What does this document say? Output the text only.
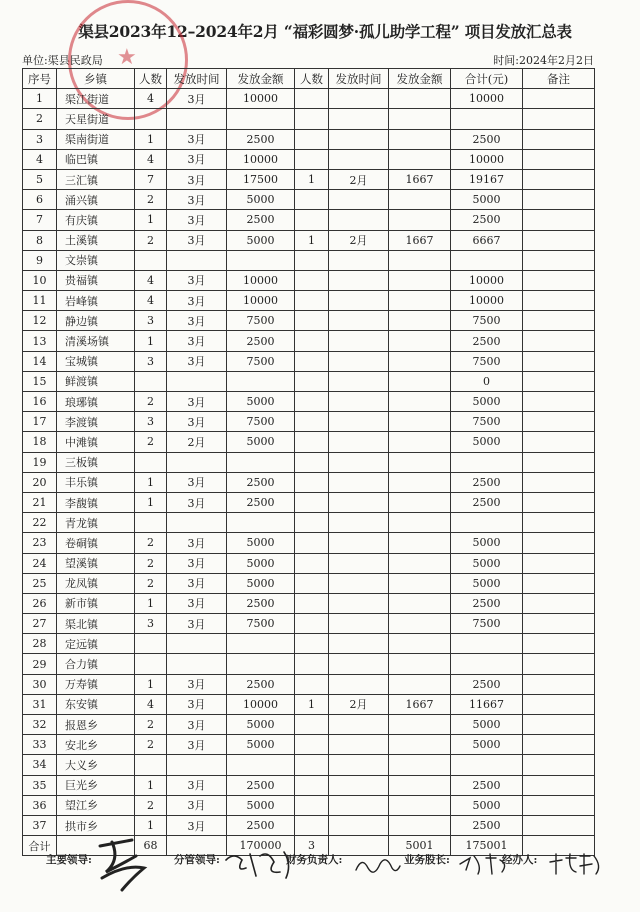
渠县2023年12–2024年2月 “福彩圆梦·孤儿助学工程” 项目发放汇总表
单位:渠县民政局	时间:2024年2月2日
★
序号	乡镇	人数	发放时间	发放金额	人数	发放时间	发放金额	合计(元)	备注
1	渠江街道	4	3月	10000				10000	
2	天星街道								
3	渠南街道	1	3月	2500				2500	
4	临巴镇	4	3月	10000				10000	
5	三汇镇	7	3月	17500	1	2月	1667	19167	
6	涌兴镇	2	3月	5000				5000	
7	有庆镇	1	3月	2500				2500	
8	土溪镇	2	3月	5000	1	2月	1667	6667	
9	文崇镇								
10	贵福镇	4	3月	10000				10000	
11	岩峰镇	4	3月	10000				10000	
12	静边镇	3	3月	7500				7500	
13	清溪场镇	1	3月	2500				2500	
14	宝城镇	3	3月	7500				7500	
15	鲜渡镇							0	
16	琅琊镇	2	3月	5000				5000	
17	李渡镇	3	3月	7500				7500	
18	中滩镇	2	2月	5000				5000	
19	三板镇								
20	丰乐镇	1	3月	2500				2500	
21	李馥镇	1	3月	2500				2500	
22	青龙镇								
23	卷硐镇	2	3月	5000				5000	
24	望溪镇	2	3月	5000				5000	
25	龙凤镇	2	3月	5000				5000	
26	新市镇	1	3月	2500				2500	
27	渠北镇	3	3月	7500				7500	
28	定远镇								
29	合力镇								
30	万寿镇	1	3月	2500				2500	
31	东安镇	4	3月	10000	1	2月	1667	11667	
32	报恩乡	2	3月	5000				5000	
33	安北乡	2	3月	5000				5000	
34	大义乡								
35	巨光乡	1	3月	2500				2500	
36	望江乡	2	3月	5000				5000	
37	拱市乡	1	3月	2500				2500	
合计		68		170000	3		5001	175001	
主要领导:	分管领导:	财务负责人:	业务股长:	经办人:
